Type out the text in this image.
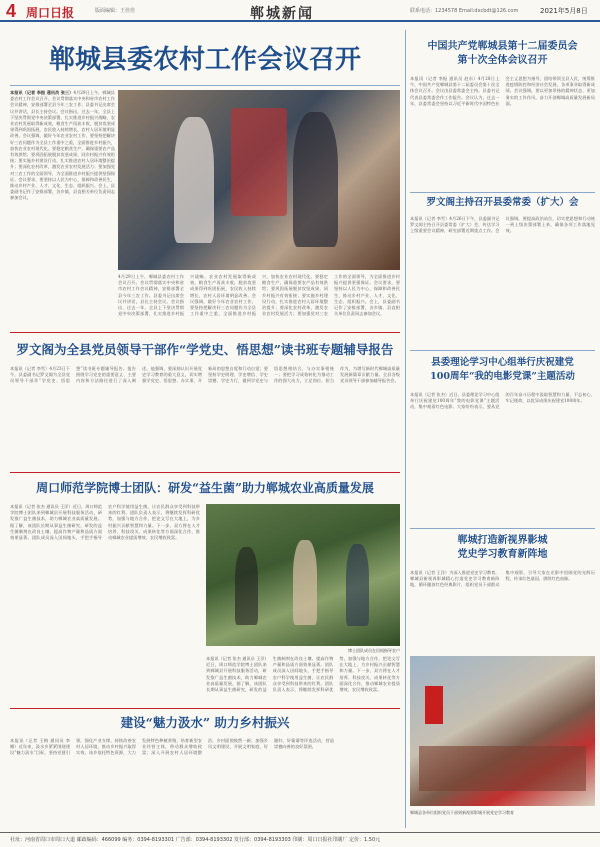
4 周口日报	版面编辑：王佳佳	郸城新闻	联系电话：1234578 Email:dxcbdt@126.com	2021年5月8日
郸城县委农村工作会议召开
本报讯（记者 李振 通讯员 张三）4月29日上午，郸城县委农村工作会议召开。会议贯彻落实中央和省市农村工作会议精神，安排部署全县今年三农工作。县委书记出席会议并讲话，县长主持会议。会议指出，过去一年，全县上下坚决贯彻党中央决策部署，扎实推进乡村振兴战略，农业农村发展取得新成效，粮食生产再获丰收，脱贫攻坚成果得到巩固拓展，农民收入持续增长，农村人居环境明显改善。会议强调，做好今年农业农村工作，要坚持把解决好三农问题作为全县工作重中之重，全面推进乡村振兴，加快农业农村现代化。要稳定粮食生产，确保重要农产品有效供给；要巩固拓展脱贫攻坚成果，同乡村振兴有效衔接；要实施乡村建设行动，扎实推进农村人居环境整治提升；要深化农村改革，激发农业农村发展活力；要加强党对三农工作的全面领导，为全面推进乡村振兴提供坚强保证。会议要求，要坚持以人民为中心，保障和改善民生，推动乡村产业、人才、文化、生态、组织振兴。会上，县委副书记作了安排部署，各乡镇、县直相关单位负责同志参加会议。
4月29日上午，郸城县委农村工作会议召开。会议贯彻落实中央和省市农村工作会议精神，安排部署全县今年三农工作。县委书记出席会议并讲话，县长主持会议。会议指出，过去一年，全县上下坚决贯彻党中央决策部署，扎实推进乡村振兴战略，农业农村发展取得新成效，粮食生产再获丰收，脱贫攻坚成果得到巩固拓展，农民收入持续增长，农村人居环境明显改善。会议强调，做好今年农业农村工作，要坚持把解决好三农问题作为全县工作重中之重，全面推进乡村振兴，加快农业农村现代化。要稳定粮食生产，确保重要农产品有效供给；要巩固拓展脱贫攻坚成果，同乡村振兴有效衔接；要实施乡村建设行动，扎实推进农村人居环境整治提升；要深化农村改革，激发农业农村发展活力；要加强党对三农工作的全面领导，为全面推进乡村振兴提供坚强保证。会议要求，要坚持以人民为中心，保障和改善民生，推动乡村产业、人才、文化、生态、组织振兴。会上，县委副书记作了安排部署，各乡镇、县直相关单位负责同志参加会议。
罗文阁为全县党员领导干部作“学党史、悟思想”读书班专题辅导报告
本报讯（记者 李雪）4月23日下午，县委副书记罗文阁为全县党员领导干部作“学党史、悟思想”读书班专题辅导报告。报告围绕学习党史的重要意义、主要内容和方法路径进行了深入阐述。他强调，要深刻认识开展党史学习教育的重大意义，切实增强学党史、悟思想、办实事、开新局的思想自觉和行动自觉；要坚持学史明理、学史增信、学史崇德、学史力行，做到学党史与悟思想相结合，与办实事相统一；要把学习成效转化为推动工作的强大动力，立足岗位，担当作为，为谱写新时代郸城高质量发展新篇章贡献力量。全县各级党员领导干部参加辅导报告会。
周口师范学院博士团队：研发“益生菌”助力郸城农业高质量发展
本报讯（记者 张杰 通讯员 王洋）近日，周口师范学院博士团队来到郸城县开展科技服务活动，研发推广益生菌技术，助力郸城农业高质量发展。据了解，该团队长期从事益生菌研究，研发的益生菌制剂在改良土壤、提高作物产量和品质方面效果显著。团队成员深入田间地头，手把手指导农户科学使用益生菌，让农民群众享受到科技带来的红利。团队负责人表示，将继续发挥科研优势，加强与地方合作，把论文写在大地上，为乡村振兴贡献智慧和力量。下一步，双方将在人才培养、科技攻关、成果转化等方面深化合作，推动郸城农业提质增效、农民增收致富。
博士团队成员在田间指导农户
本报讯（记者 张杰 通讯员 王洋）近日，周口师范学院博士团队来到郸城县开展科技服务活动，研发推广益生菌技术，助力郸城农业高质量发展。据了解，该团队长期从事益生菌研究，研发的益生菌制剂在改良土壤、提高作物产量和品质方面效果显著。团队成员深入田间地头，手把手指导农户科学使用益生菌，让农民群众享受到科技带来的红利。团队负责人表示，将继续发挥科研优势，加强与地方合作，把论文写在大地上，为乡村振兴贡献智慧和力量。下一步，双方将在人才培养、科技攻关、成果转化等方面深化合作，推动郸城农业提质增效、农民增收致富。
建设“魅力汲水” 助力乡村振兴
本报讯（记者 王梅 通讯员 李娜）近年来，汲水乡紧紧围绕建设“魅力汲水”目标，坚持党建引领，强化产业支撑，持续改善农村人居环境，推动乡村振兴取得实效。该乡依托特色资源，大力发展特色种植养殖，培育新型农业经营主体，带动群众增收致富；深入开展农村人居环境整治，乡村面貌焕然一新；加强乡风文明建设，开展文明家庭、好媳妇、好婆婆等评选活动，营造崇德向善的良好氛围。
中国共产党郸城县第十二届委员会
第十次全体会议召开
本报讯（记者 李振 通讯员 赵东）4月28日上午，中国共产党郸城县第十二届委员会第十次全体会议召开。会议由县委常委会主持。县委书记代表县委常委会作工作报告。会议认为，过去一年，县委常委会坚持以习近平新时代中国特色社会主义思想为指导，团结带领全县人民，统筹推进疫情防控和经济社会发展，各项事业取得新成绩。会议强调，要以更加昂扬的精神状态、更加务实的工作作风，奋力开创郸城高质量发展新局面。
罗文阁主持召开县委常委（扩大）会
本报讯（记者 李雪）4月26日下午，县委副书记罗文阁主持召开县委常委（扩大）会，传达学习上级重要会议精神，研究部署近期重点工作。会议强调，要提高政治站位，切实把思想和行动统一到上级决策部署上来，确保各项工作落地见效。
县委理论学习中心组举行庆祝建党
100周年“我的电影党课”主题活动
本报讯（记者 张杰）近日，县委理论学习中心组举行庆祝建党100周年“我的电影党课”主题活动，集中观看红色电影。大家纷纷表示，要从党的百年奋斗历程中汲取智慧和力量，不忘初心、牢记使命，以优异成绩庆祝建党100周年。
郸城打造新视界影城
党史学习教育新阵地
本报讯（记者 王洋）为深入推进党史学习教育，郸城县新视界影城精心打造党史学习教育新阵地，循环播放红色经典影片，组织党员干部群众集中观影，引导大家在光影中回顾党的光辉历程，传承红色基因，赓续红色血脉。
郸城县各单位组织党员干部到新视界影城开展党史学习教育
社址：河南省周口市周口大道 邮政编码：466099 编务：0394-8193301 广告部：0394-8193302 发行部：0394-8193303 印刷：周口日报社印刷厂 定价：1.50元
